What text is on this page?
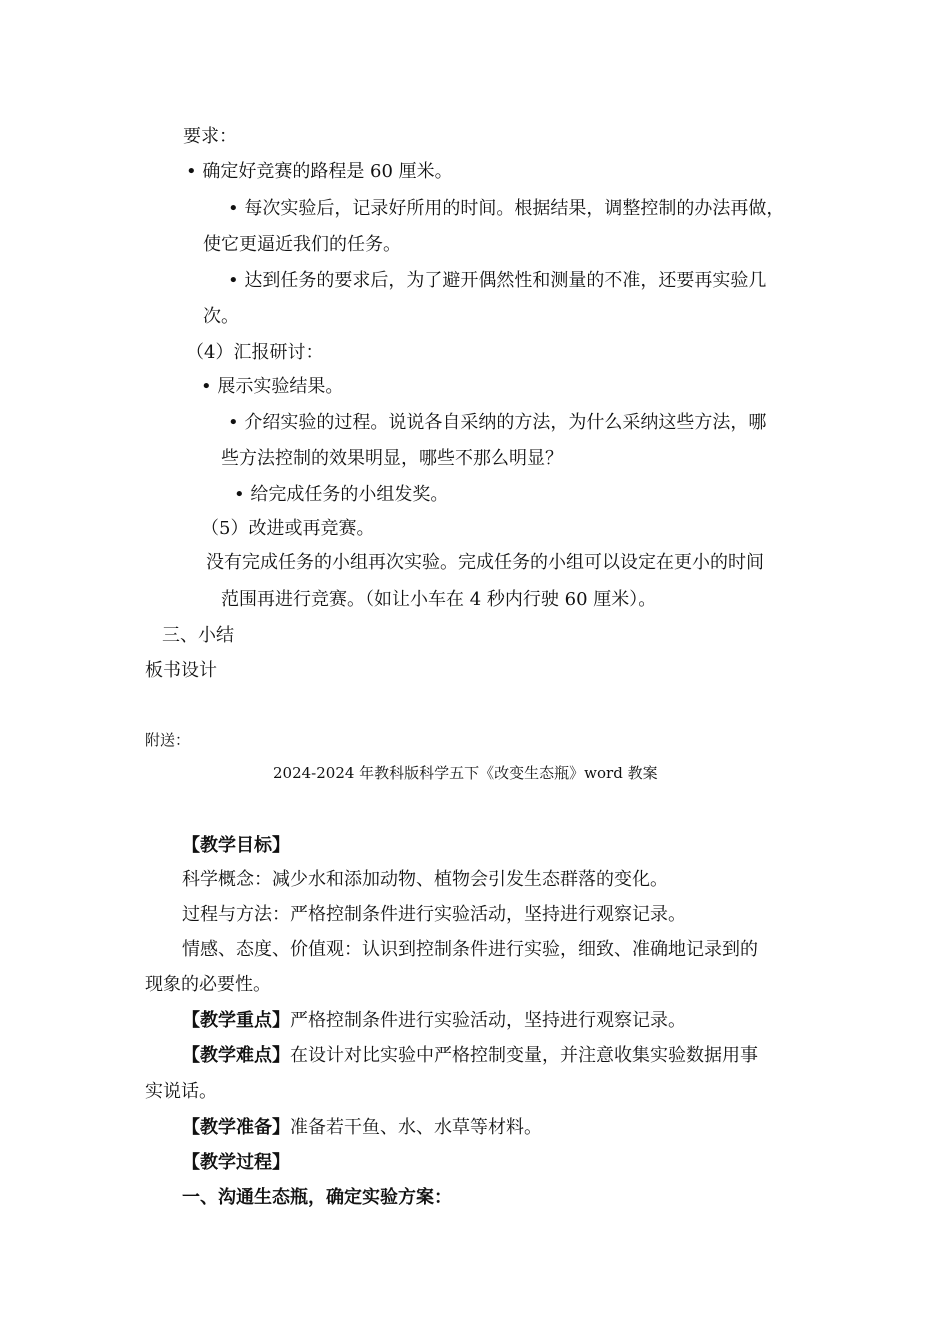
要求：
• 确定好竞赛的路程是 60 厘米。
• 每次实验后，记录好所用的时间。根据结果，调整控制的办法再做，
使它更逼近我们的任务。
• 达到任务的要求后，为了避开偶然性和测量的不准，还要再实验几
次。
（4）汇报研讨：
• 展示实验结果。
• 介绍实验的过程。说说各自采纳的方法，为什么采纳这些方法，哪
些方法控制的效果明显，哪些不那么明显？
• 给完成任务的小组发奖。
（5）改进或再竞赛。
没有完成任务的小组再次实验。完成任务的小组可以设定在更小的时间
范围再进行竞赛。（如让小车在 4 秒内行驶 60 厘米）。
三、小结
板书设计
附送：
2024-2024 年教科版科学五下《改变生态瓶》word 教案
【教学目标】
科学概念：减少水和添加动物、植物会引发生态群落的变化。
过程与方法：严格控制条件进行实验活动，坚持进行观察记录。
情感、态度、价值观：认识到控制条件进行实验，细致、准确地记录到的
现象的必要性。
【教学重点】严格控制条件进行实验活动，坚持进行观察记录。
【教学难点】在设计对比实验中严格控制变量，并注意收集实验数据用事
实说话。
【教学准备】准备若干鱼、水、水草等材料。
【教学过程】
一、沟通生态瓶，确定实验方案：
